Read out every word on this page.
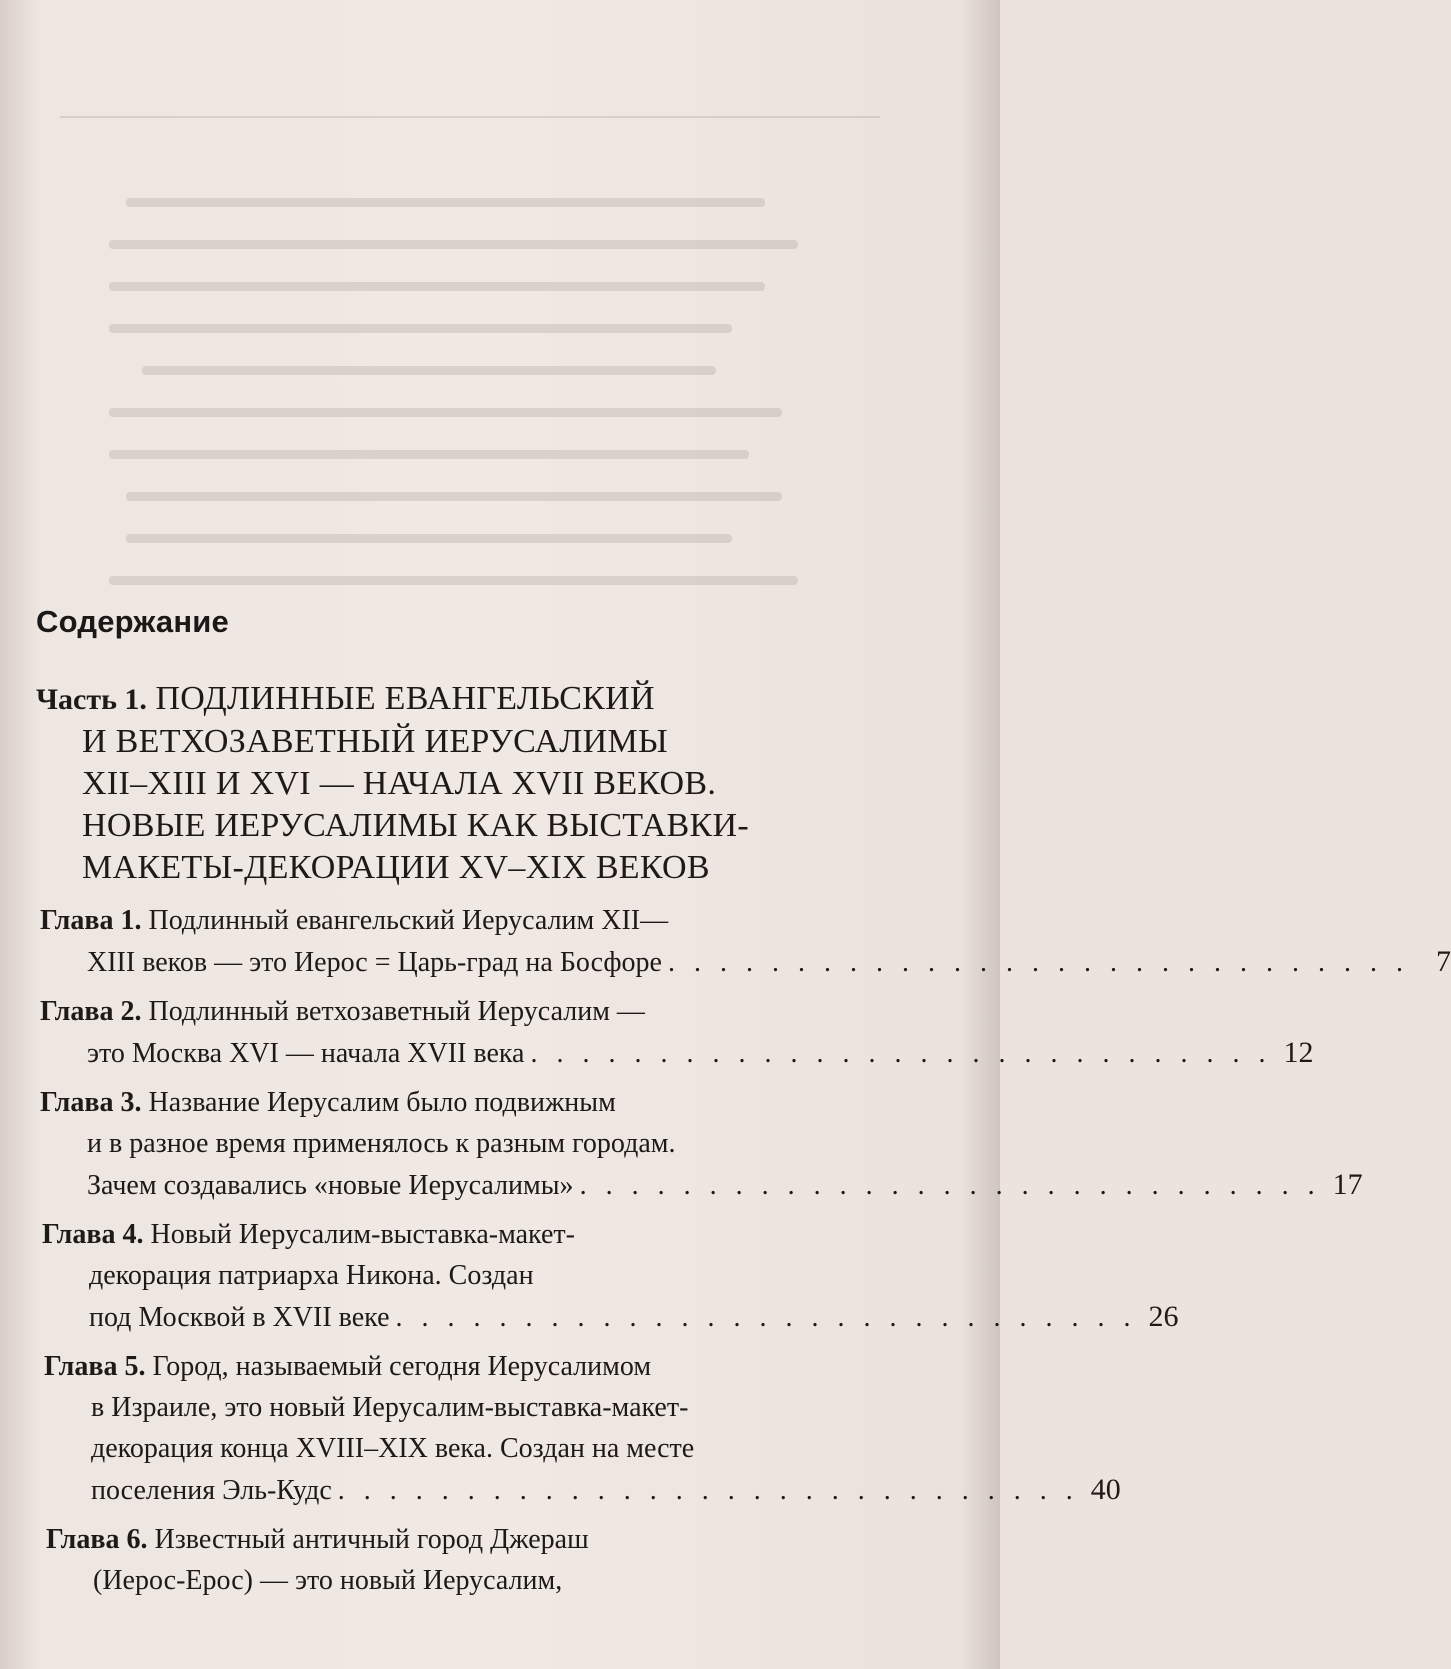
Содержание
Часть 1. ПОДЛИННЫЕ ЕВАНГЕЛЬСКИЙ
И ВЕТХОЗАВЕТНЫЙ ИЕРУСАЛИМЫ
XII–XIII И XVI — НАЧАЛА XVII ВЕКОВ.
НОВЫЕ ИЕРУСАЛИМЫ КАК ВЫСТАВКИ-
МАКЕТЫ-ДЕКОРАЦИИ XV–XIX ВЕКОВ
Глава 1. Подлинный евангельский Иерусалим XII—
XIII веков — это Иерос = Царь-град на Босфоре . . . . . . . . . . . . . . . . . . . . . . . . . . . . . 7
Глава 2. Подлинный ветхозаветный Иерусалим —
это Москва XVI — начала XVII века . . . . . . . . . . . . . . . . . . . . . . . . . . . . . 12
Глава 3. Название Иерусалим было подвижным
и в разное время применялось к разным городам.
Зачем создавались «новые Иерусалимы» . . . . . . . . . . . . . . . . . . . . . . . . . . . . . 17
Глава 4. Новый Иерусалим-выставка-макет-
декорация патриарха Никона. Создан
под Москвой в XVII веке . . . . . . . . . . . . . . . . . . . . . . . . . . . . . 26
Глава 5. Город, называемый сегодня Иерусалимом
в Израиле, это новый Иерусалим-выставка-макет-
декорация конца XVIII–XIX века. Создан на месте
поселения Эль-Кудс . . . . . . . . . . . . . . . . . . . . . . . . . . . . . 40
Глава 6. Известный античный город Джераш
(Иерос-Ерос) — это новый Иерусалим,
